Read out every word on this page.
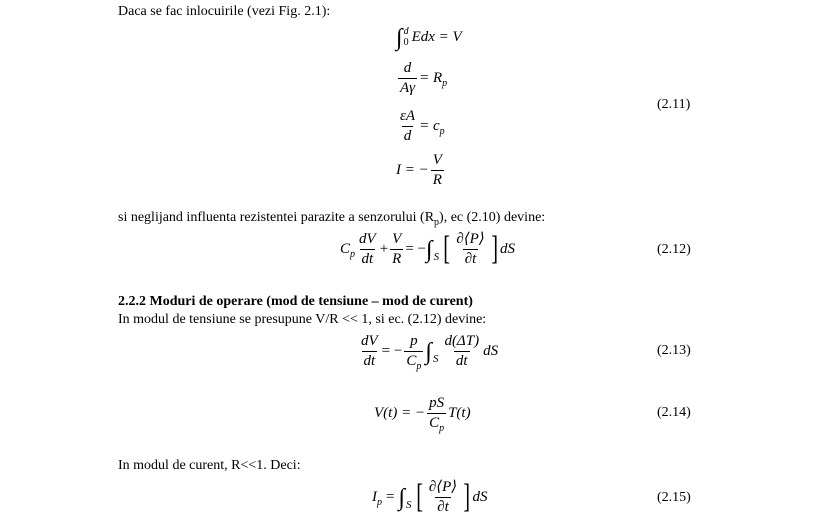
Daca se fac inlocuirile (vezi Fig. 2.1):
∫ d
0 Edx = V
$\frac{d}{A\gamma} = R_p$
$\frac{\varepsilon A}{d} = c_p$
I = − $\frac{V}{R}$
(2.11)
si neglijand influenta rezistentei parazite a senzorului $(R_p)$, ec (2.10) devine:
$C_p \frac{dV}{dt} + \frac{V}{R}$ = − ∫ S [ $\frac{\partial⟨P⟩}{\partial t}$ ] dS	(2.12)
2.2.2 Moduri de operare (mod de tensiune – mod de curent)
In modul de tensiune se presupune V/R << 1, si ec. (2.12) devine:
$\frac{dV}{dt}$ = − $\frac{p}{C_p}$ ∫ S $\frac{d(\Delta T)}{dt}$ dS	(2.13)
V(t) = − $\frac{pS}{C_p} T(t)$	(2.14)
In modul de curent, R<<1. Deci:
$I_p$ = ∫ S [ $\frac{\partial⟨P⟩}{\partial t}$ ] dS	(2.15)
